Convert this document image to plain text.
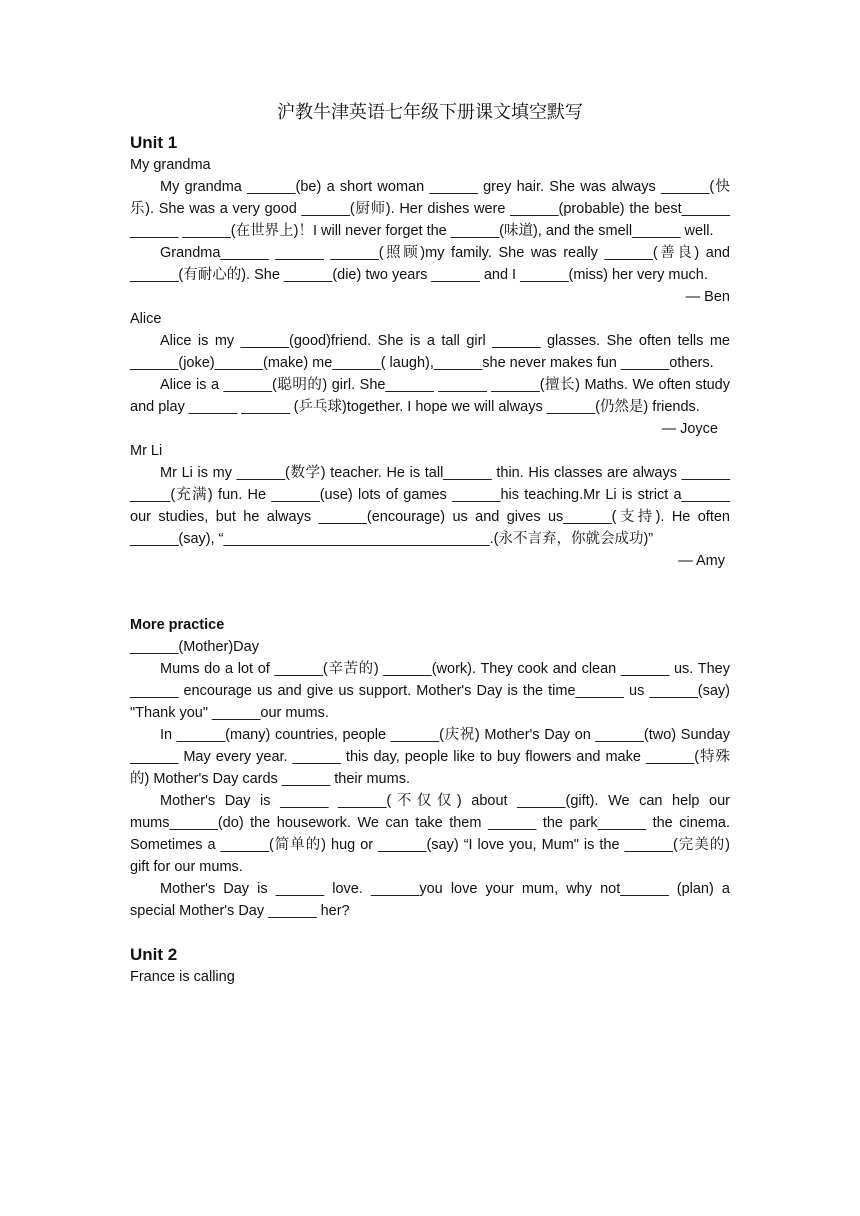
沪教牛津英语七年级下册课文填空默写
Unit 1
My grandma

My grandma ______(be) a short woman ______ grey hair. She was always ______(快乐). She was a very good ______(厨师). Her dishes were ______(probable) the best______ ______ ______(在世界上)！I will never forget the ______(味道), and the smell______ well.

Grandma______ ______ ______(照顾)my family. She was really ______(善良) and ______(有耐心的). She ______(die) two years ______ and I ______(miss) her very much.

— Ben
Alice

Alice is my ______(good)friend. She is a tall girl ______ glasses. She often tells me ______(joke)______(make) me______( laugh),______she never makes fun ______others.

Alice is a ______(聪明的) girl. She______ ______ ______(擅长) Maths. We often study and play ______ ______ (乒乓球)together. I hope we will always ______(仍然是) friends.

— Joyce
Mr Li

Mr Li is my ______(数学) teacher. He is tall______ thin. His classes are always ______ _____(充满) fun. He ______(use) lots of games ______his teaching.Mr Li is strict a______ our studies, but he always ______(encourage) us and gives us______(支持). He often ______(say), “_________________________________.(永不言弃，你就会成功)”

— Amy
More practice
______(Mother)Day

Mums do a lot of ______(辛苦的) ______(work). They cook and clean ______ us. They ______ encourage us and give us support. Mother's Day is the time______ us ______(say) "Thank you" ______our mums.

In ______(many) countries, people ______(庆祝) Mother's Day on ______(two) Sunday ______ May every year. ______ this day, people like to buy flowers and make ______(特殊的) Mother's Day cards ______ their mums.

Mother's Day is ______ ______(不仅仅) about ______(gift). We can help our mums______(do) the housework. We can take them ______ the park______ the cinema. Sometimes a ______(简单的) hug or ______(say) “I love you, Mum" is the ______(完美的) gift for our mums.

Mother's Day is ______ love. ______you love your mum, why not______ (plan) a special Mother's Day ______ her?

Unit 2
France is calling
